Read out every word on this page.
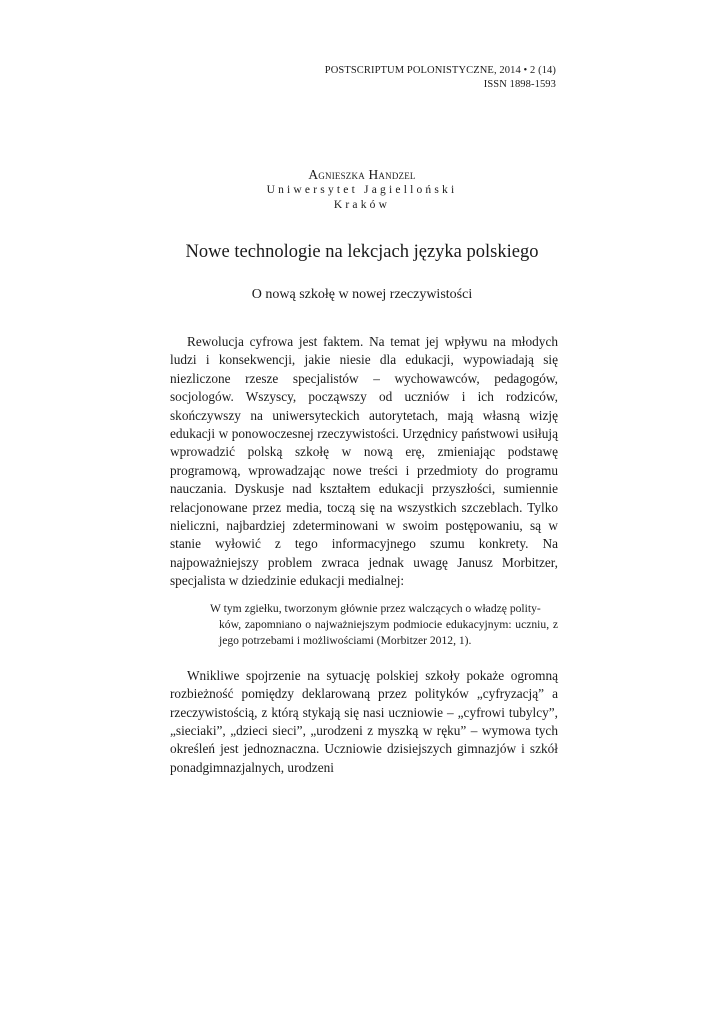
POSTSCRIPTUM POLONISTYCZNE, 2014 • 2 (14)
ISSN 1898-1593
Agnieszka Handzel
Uniwersytet Jagielloński
Kraków
Nowe technologie na lekcjach języka polskiego
O nową szkołę w nowej rzeczywistości

Rewolucja cyfrowa jest faktem. Na temat jej wpływu na młodych ludzi i konsekwencji, jakie niesie dla edukacji, wypowiadają się niezliczone rzesze specjalistów – wychowawców, pedagogów, socjologów. Wszyscy, począwszy od uczniów i ich rodziców, skończywszy na uniwersyteckich autorytetach, mają własną wizję edukacji w ponowoczesnej rzeczywistości. Urzędnicy państwowi usiłują wprowadzić polską szkołę w nową erę, zmieniając podstawę programową, wprowadzając nowe treści i przedmioty do programu nauczania. Dyskusje nad kształtem edukacji przyszłości, sumiennie relacjonowane przez media, toczą się na wszystkich szczeblach. Tylko nieliczni, najbardziej zdeterminowani w swoim postępowaniu, są w stanie wyłowić z tego informacyjnego szumu konkrety. Na najpoważniejszy problem zwraca jednak uwagę Janusz Morbitzer, specjalista w dziedzinie edukacji medialnej:

W tym zgiełku, tworzonym głównie przez walczących o władzę polity-
ków, zapomniano o najważniejszym podmiocie edukacyjnym: uczniu, z jego potrzebami i możliwościami (Morbitzer 2012, 1).

Wnikliwe spojrzenie na sytuację polskiej szkoły pokaże ogromną rozbieżność pomiędzy deklarowaną przez polityków „cyfryzacją” a rzeczywistością, z którą stykają się nasi uczniowie – „cyfrowi tubylcy”, „sieciaki”, „dzieci sieci”, „urodzeni z myszką w ręku” – wymowa tych określeń jest jednoznaczna. Uczniowie dzisiejszych gimnazjów i szkół ponadgimnazjalnych, urodzeni
